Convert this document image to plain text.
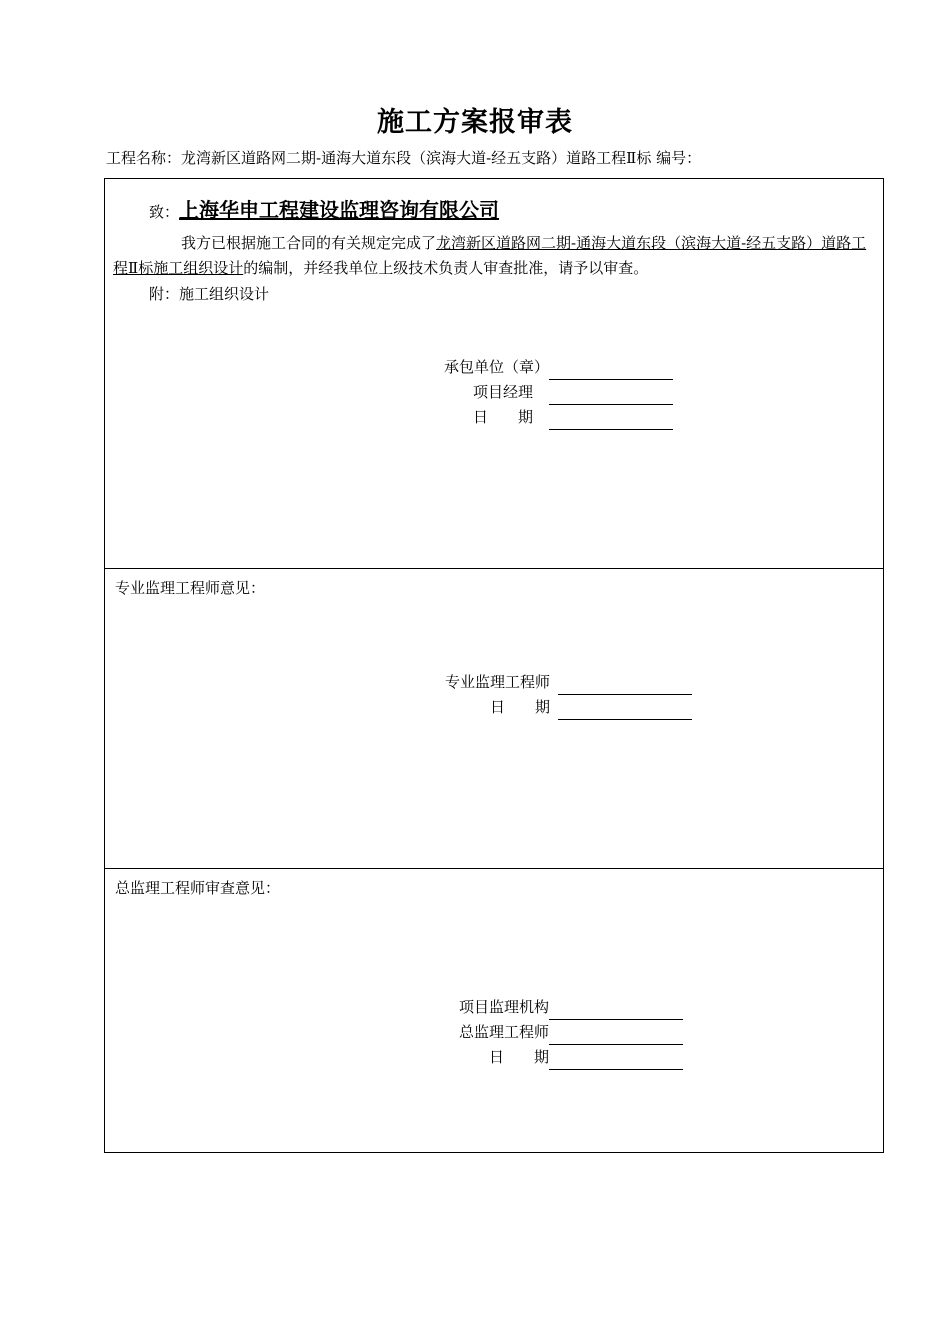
施工方案报审表
工程名称：龙湾新区道路网二期-通海大道东段（滨海大道-经五支路）道路工程Ⅱ标 编号：
致：上海华申工程建设监理咨询有限公司

我方已根据施工合同的有关规定完成了龙湾新区道路网二期-通海大道东段（滨海大道-经五支路）道路工程Ⅱ标施工组织设计的编制，并经我单位上级技术负责人审查批准，请予以审查。

附：施工组织设计
承包单位（章）
项目经理
日　　期
专业监理工程师意见：
专业监理工程师
日　　期
总监理工程师审查意见：
项目监理机构
总监理工程师
日　　期
